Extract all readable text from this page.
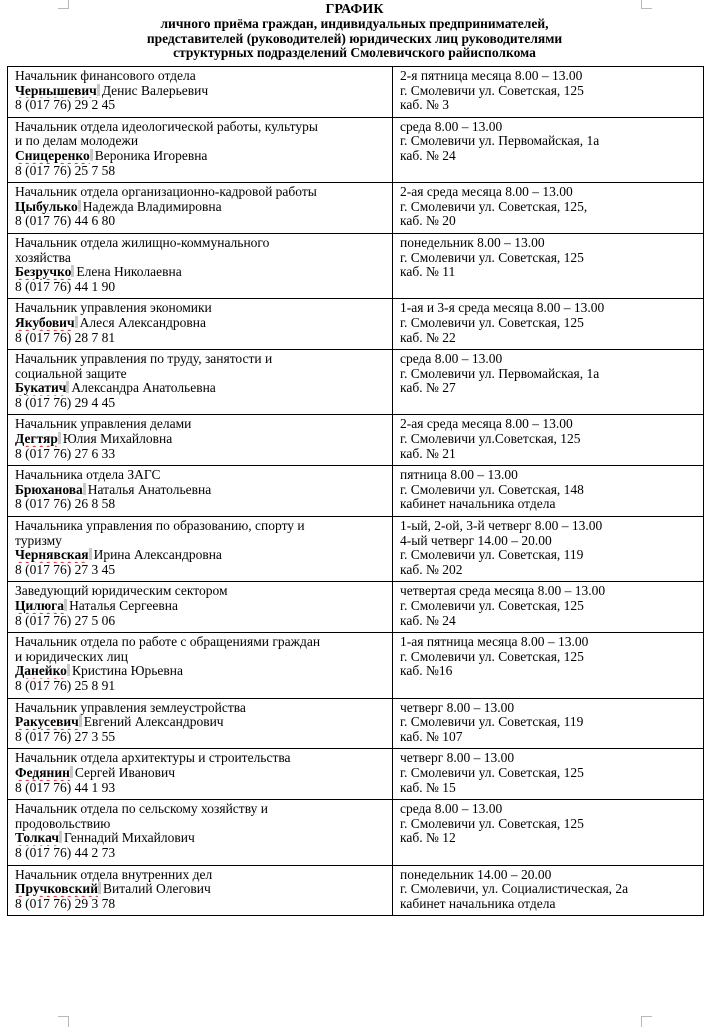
ГРАФИК
личного приёма граждан, индивидуальных предпринимателей,
представителей (руководителей) юридических лиц руководителями
структурных подразделений Смолевичского райисполкома
Начальник финансового отдела
Чернышевич Денис Валерьевич
8 (017 76) 29 2 45	2-я пятница месяца 8.00 – 13.00
г. Смолевичи ул. Советская, 125
каб. № 3

Начальник отдела идеологической работы, культуры
и по делам молодежи
Сницеренко Вероника Игоревна
8 (017 76) 25 7 58	среда 8.00 – 13.00
г. Смолевичи ул. Первомайская, 1а
каб. № 24

Начальник отдела организационно-кадровой работы
Цыбулько Надежда Владимировна
8 (017 76) 44 6 80	2-ая среда месяца 8.00 – 13.00
г. Смолевичи ул. Советская, 125,
каб. № 20

Начальник отдела жилищно-коммунального
хозяйства
Безручко Елена Николаевна
8 (017 76) 44 1 90	понедельник 8.00 – 13.00
г. Смолевичи ул. Советская, 125
каб. № 11

Начальник управления экономики
Якубович Алеся Александровна
8 (017 76) 28 7 81	1-ая и 3-я среда месяца 8.00 – 13.00
г. Смолевичи ул. Советская, 125
каб. № 22

Начальник управления по труду, занятости и
социальной защите
Букатич Александра Анатольевна
8 (017 76) 29 4 45	среда 8.00 – 13.00
г. Смолевичи ул. Первомайская, 1а
каб. № 27

Начальник управления делами
Дегтяр Юлия Михайловна
8 (017 76) 27 6 33	2-ая среда месяца 8.00 – 13.00
г. Смолевичи ул.Советская, 125
каб. № 21

Начальника отдела ЗАГС
Брюханова Наталья Анатольевна
8 (017 76) 26 8 58	пятница 8.00 – 13.00
г. Смолевичи ул. Советская, 148
кабинет начальника отдела

Начальника управления по образованию, спорту и
туризму
Чернявская Ирина Александровна
8 (017 76) 27 3 45	1-ый, 2-ой, 3-й четверг 8.00 – 13.00
4-ый четверг 14.00 – 20.00
г. Смолевичи ул. Советская, 119
каб. № 202

Заведующий юридическим сектором
Цилюга Наталья Сергеевна
8 (017 76) 27 5 06	четвертая среда месяца 8.00 – 13.00
г. Смолевичи ул. Советская, 125
каб. № 24

Начальник отдела по работе с обращениями граждан
и юридических лиц
Данейко Кристина Юрьевна
8 (017 76) 25 8 91	1-ая пятница месяца 8.00 – 13.00
г. Смолевичи ул. Советская, 125
каб. №16

Начальник управления землеустройства
Ракусевич Евгений Александрович
8 (017 76) 27 3 55	четверг 8.00 – 13.00
г. Смолевичи ул. Советская, 119
каб. № 107

Начальник отдела архитектуры и строительства
Федянин Сергей Иванович
8 (017 76) 44 1 93	четверг 8.00 – 13.00
г. Смолевичи ул. Советская, 125
каб. № 15

Начальник отдела по сельскому хозяйству и
продовольствию
Толкач Геннадий Михайлович
8 (017 76) 44 2 73	среда 8.00 – 13.00
г. Смолевичи ул. Советская, 125
каб. № 12

Начальник отдела внутренних дел
Пручковский Виталий Олегович
8 (017 76) 29 3 78	понедельник 14.00 – 20.00
г. Смолевичи, ул. Социалистическая, 2а
кабинет начальника отдела
